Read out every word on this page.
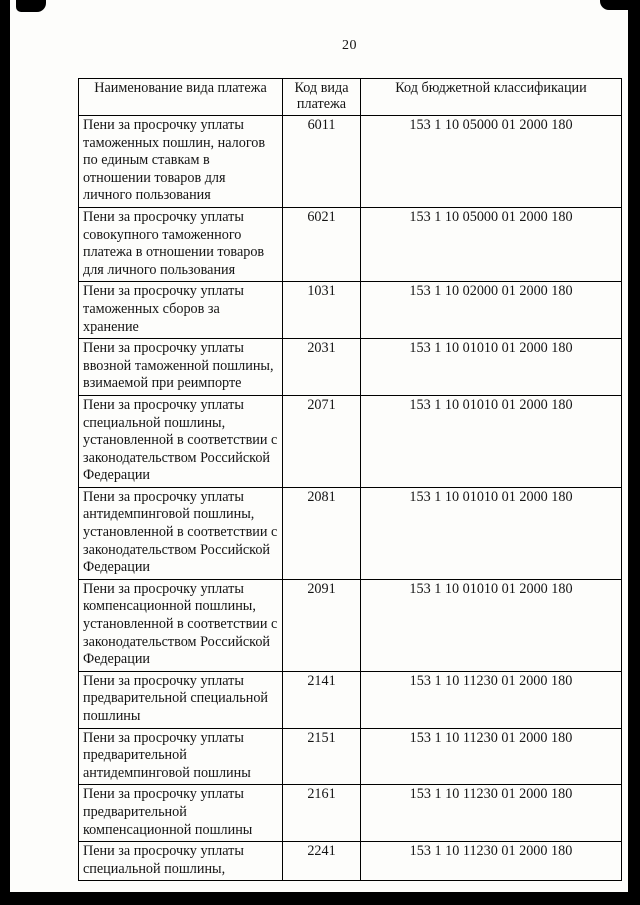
20
Наименование вида платежа	Код вида платежа	Код бюджетной классификации
Пени за просрочку уплаты таможенных пошлин, налогов по единым ставкам в отношении товаров для личного пользования	6011	153 1 10 05000 01 2000 180
Пени за просрочку уплаты совокупного таможенного платежа в отношении товаров для личного пользования	6021	153 1 10 05000 01 2000 180
Пени за просрочку уплаты таможенных сборов за хранение	1031	153 1 10 02000 01 2000 180
Пени за просрочку уплаты ввозной таможенной пошлины, взимаемой при реимпорте	2031	153 1 10 01010 01 2000 180
Пени за просрочку уплаты специальной пошлины, установленной в соответствии с законодательством Российской Федерации	2071	153 1 10 01010 01 2000 180
Пени за просрочку уплаты антидемпинговой пошлины, установленной в соответствии с законодательством Российской Федерации	2081	153 1 10 01010 01 2000 180
Пени за просрочку уплаты компенсационной пошлины, установленной в соответствии с законодательством Российской Федерации	2091	153 1 10 01010 01 2000 180
Пени за просрочку уплаты предварительной специальной пошлины	2141	153 1 10 11230 01 2000 180
Пени за просрочку уплаты предварительной антидемпинговой пошлины	2151	153 1 10 11230 01 2000 180
Пени за просрочку уплаты предварительной компенсационной пошлины	2161	153 1 10 11230 01 2000 180
Пени за просрочку уплаты специальной пошлины,	2241	153 1 10 11230 01 2000 180
